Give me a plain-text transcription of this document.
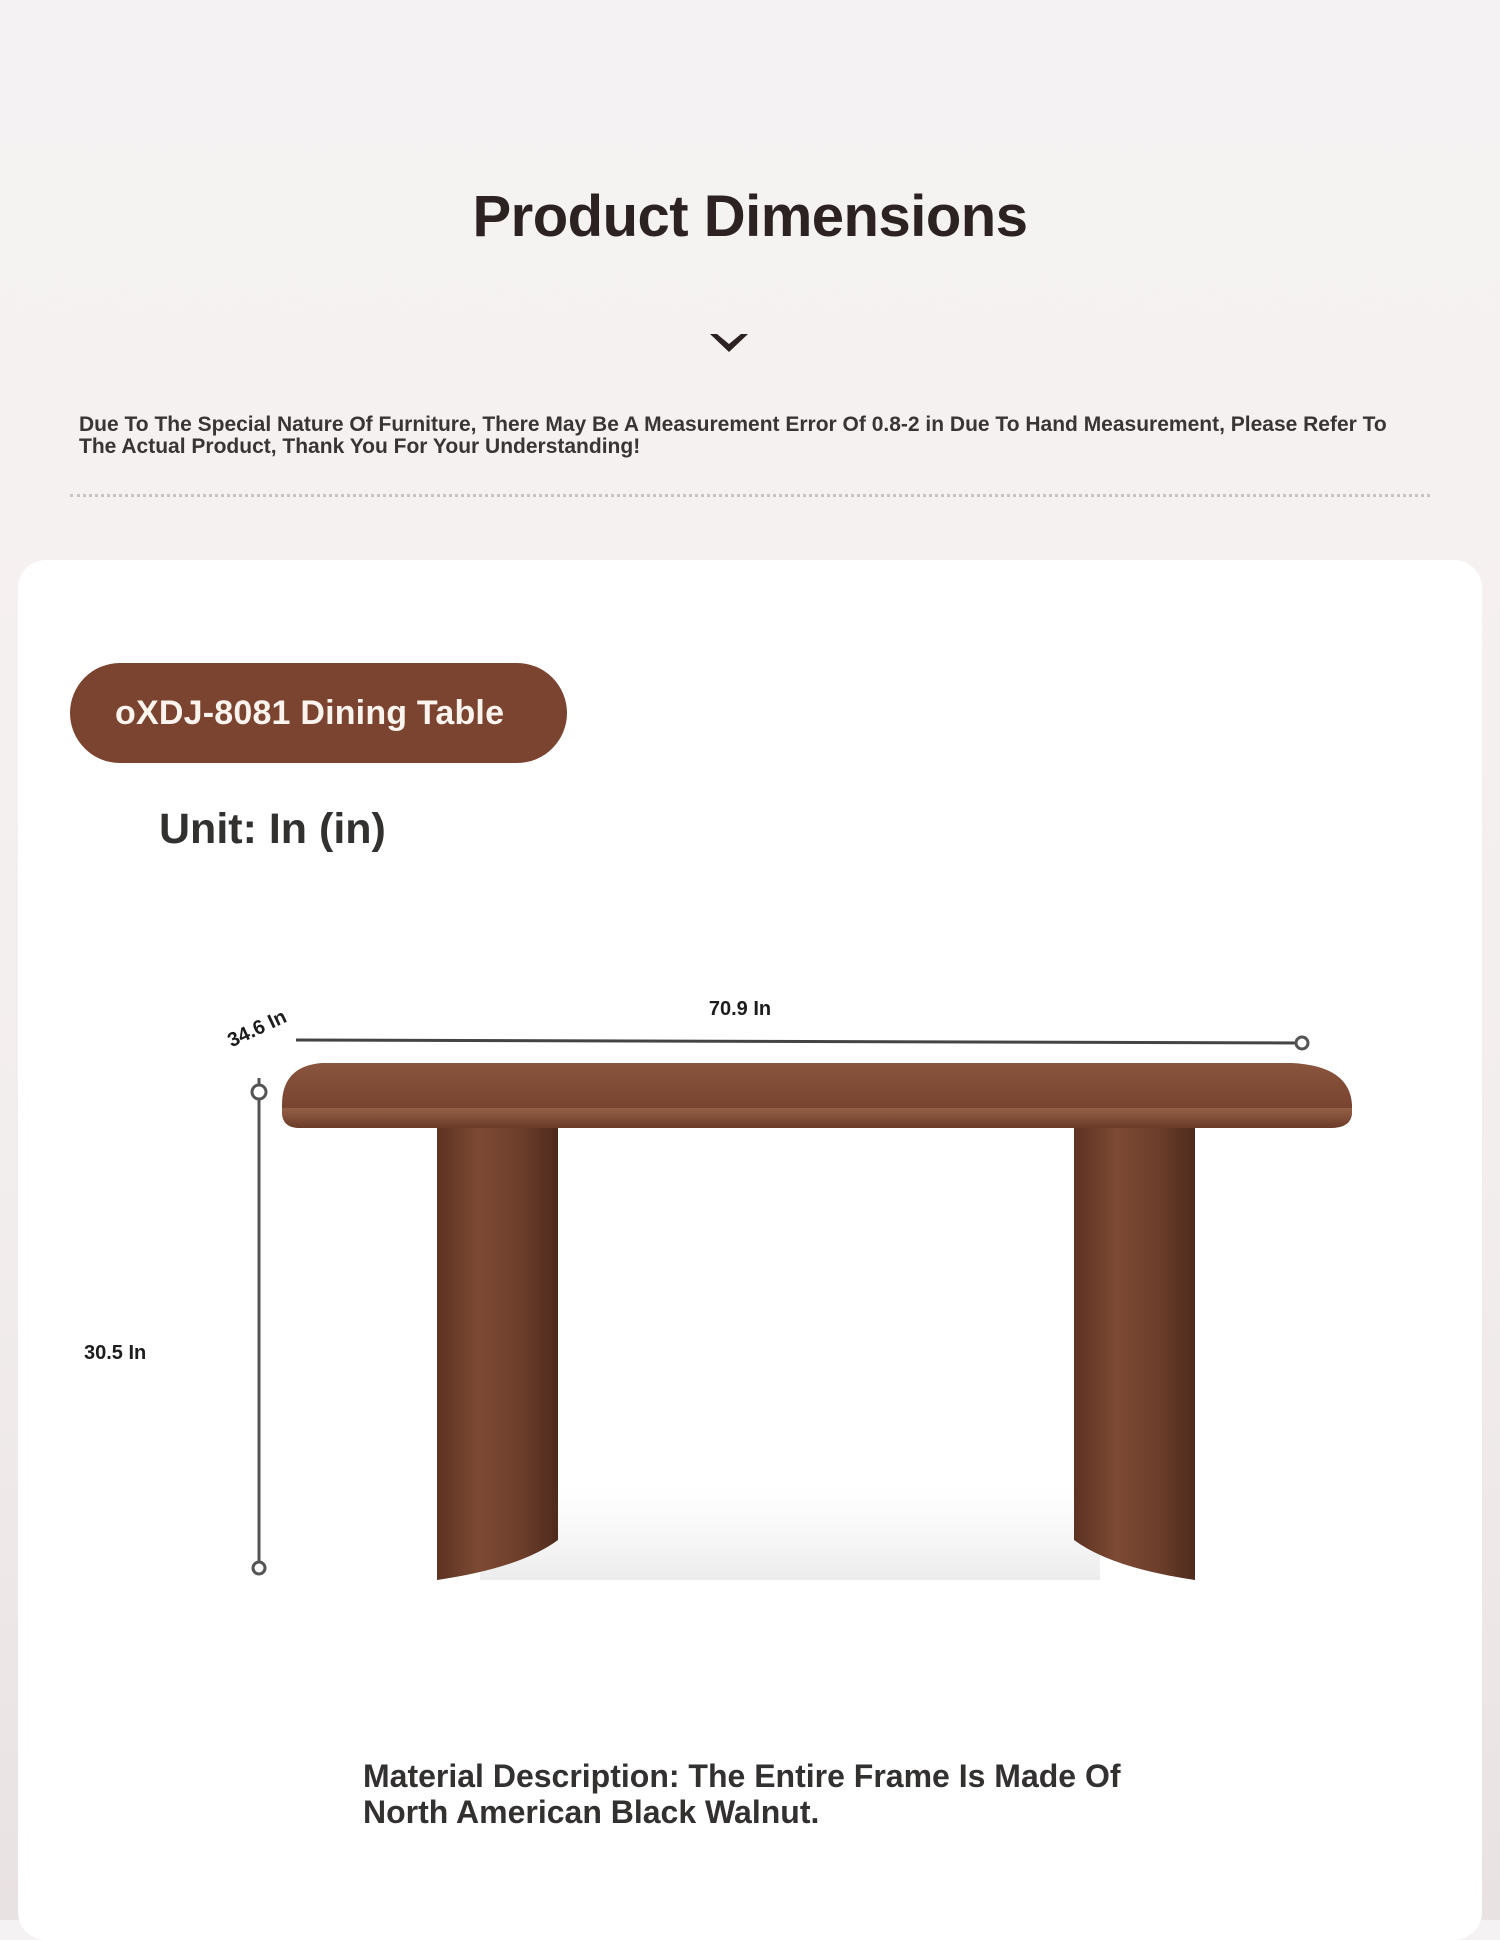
Product Dimensions
Due To The Special Nature Of Furniture, There May Be A Measurement Error Of 0.8-2 in Due To Hand Measurement, Please Refer To The Actual Product, Thank You For Your Understanding!
oXDJ-8081 Dining Table
Unit: In (in)
70.9 In
34.6 In
30.5 In
Material Description: The Entire Frame Is Made Of North American Black Walnut.
